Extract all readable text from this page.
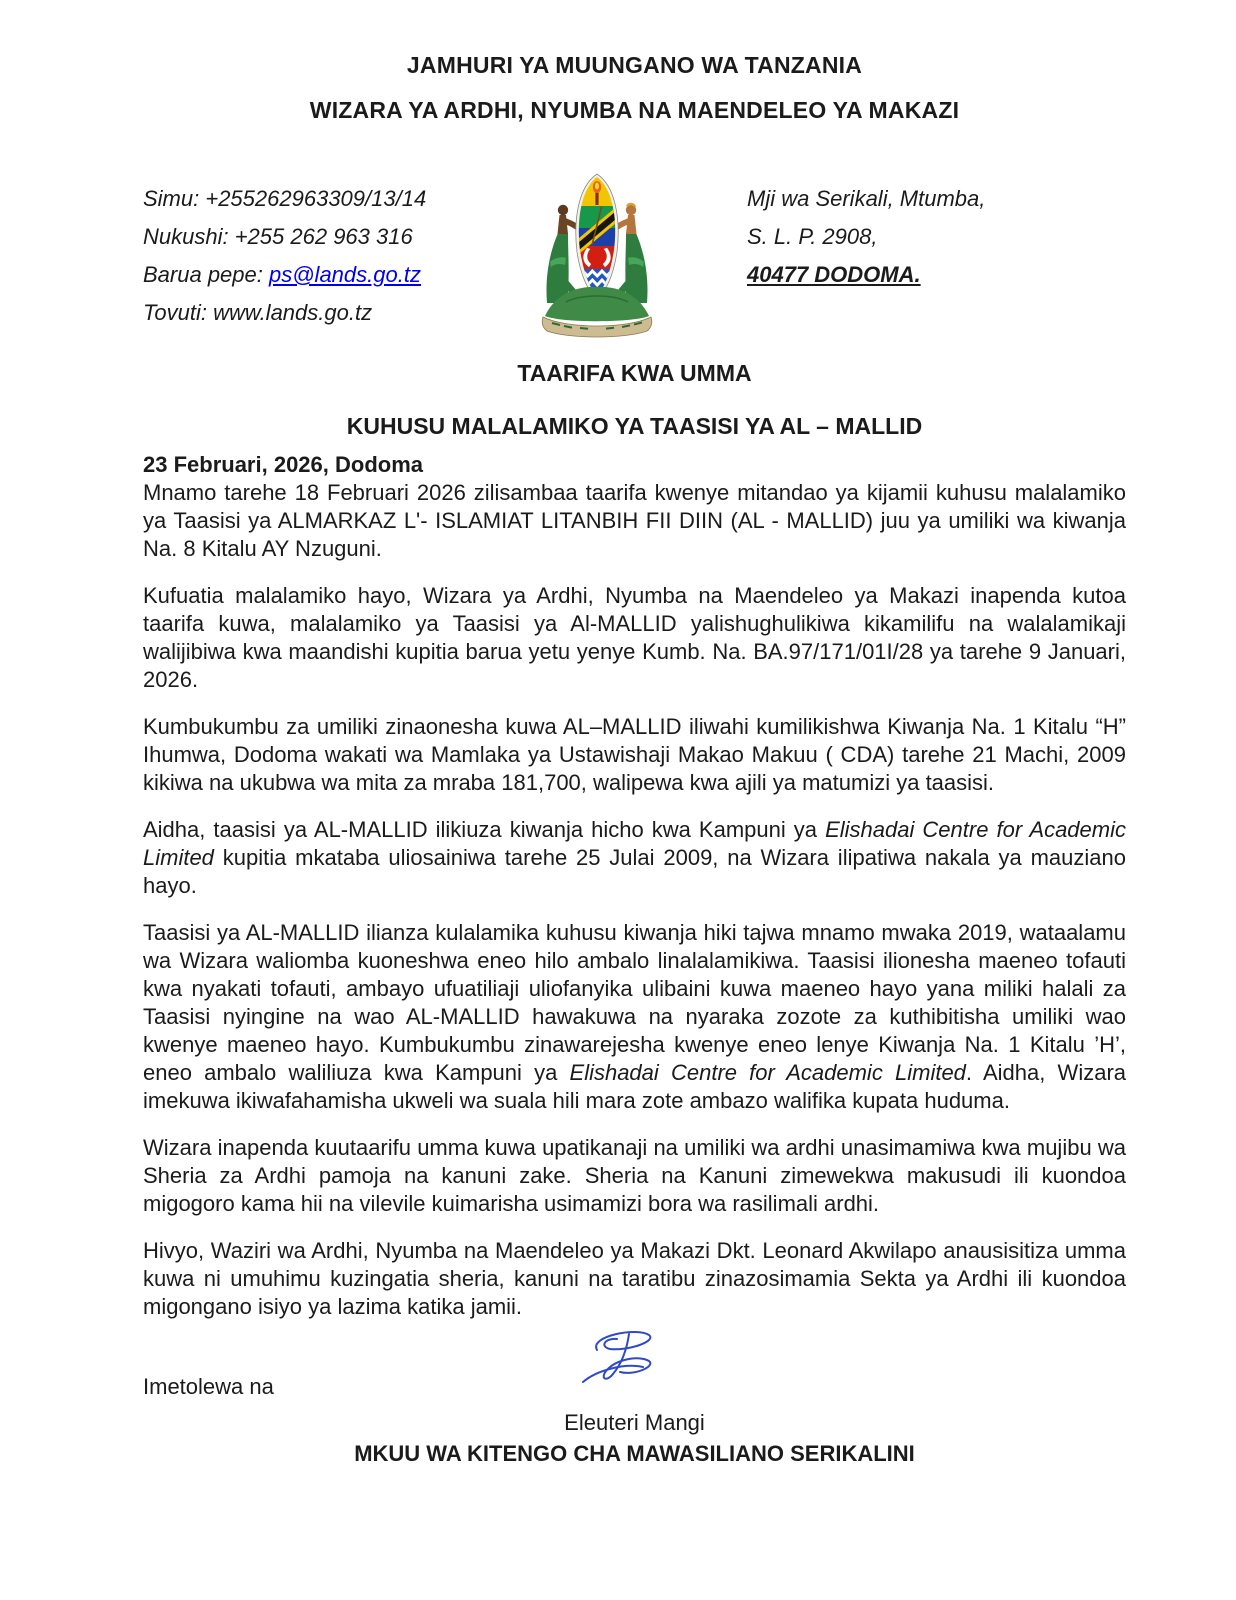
JAMHURI YA MUUNGANO WA TANZANIA
WIZARA YA ARDHI, NYUMBA NA MAENDELEO YA MAKAZI
Simu: +255262963309/13/14
Nukushi: +255 262 963 316
Barua pepe: ps@lands.go.tz
Tovuti: www.lands.go.tz
Mji wa Serikali, Mtumba,
S. L. P. 2908,
40477 DODOMA.
TAARIFA KWA UMMA
KUHUSU MALALAMIKO YA TAASISI YA AL – MALLID
23 Februari, 2026, Dodoma

Mnamo tarehe 18 Februari 2026 zilisambaa taarifa kwenye mitandao ya kijamii kuhusu malalamiko ya Taasisi ya ALMARKAZ L'- ISLAMIAT LITANBIH FII DIIN (AL - MALLID) juu ya umiliki wa kiwanja Na. 8 Kitalu AY Nzuguni.

Kufuatia malalamiko hayo, Wizara ya Ardhi, Nyumba na Maendeleo ya Makazi inapenda kutoa taarifa kuwa, malalamiko ya Taasisi ya Al-MALLID yalishughulikiwa kikamilifu na walalamikaji walijibiwa kwa maandishi kupitia barua yetu yenye Kumb. Na. BA.97/171/01I/28 ya tarehe 9 Januari, 2026.

Kumbukumbu za umiliki zinaonesha kuwa AL–MALLID iliwahi kumilikishwa Kiwanja Na. 1 Kitalu “H” Ihumwa, Dodoma wakati wa Mamlaka ya Ustawishaji Makao Makuu ( CDA) tarehe 21 Machi, 2009 kikiwa na ukubwa wa mita za mraba 181,700, walipewa kwa ajili ya matumizi ya taasisi.

Aidha, taasisi ya AL-MALLID ilikiuza kiwanja hicho kwa Kampuni ya Elishadai Centre for Academic Limited kupitia mkataba uliosainiwa tarehe 25 Julai 2009, na Wizara ilipatiwa nakala ya mauziano hayo.

Taasisi ya AL-MALLID ilianza kulalamika kuhusu kiwanja hiki tajwa mnamo mwaka 2019, wataalamu wa Wizara waliomba kuoneshwa eneo hilo ambalo linalalamikiwa. Taasisi ilionesha maeneo tofauti kwa nyakati tofauti, ambayo ufuatiliaji uliofanyika ulibaini kuwa maeneo hayo yana miliki halali za Taasisi nyingine na wao AL-MALLID hawakuwa na nyaraka zozote za kuthibitisha umiliki wao kwenye maeneo hayo. Kumbukumbu zinawarejesha kwenye eneo lenye Kiwanja Na. 1 Kitalu ’H’, eneo ambalo waliliuza kwa Kampuni ya Elishadai Centre for Academic Limited. Aidha, Wizara imekuwa ikiwafahamisha ukweli wa suala hili mara zote ambazo walifika kupata huduma.

Wizara inapenda kuutaarifu umma kuwa upatikanaji na umiliki wa ardhi unasimamiwa kwa mujibu wa Sheria za Ardhi pamoja na kanuni zake. Sheria na Kanuni zimewekwa makusudi ili kuondoa migogoro kama hii na vilevile kuimarisha usimamizi bora wa rasilimali ardhi.

Hivyo, Waziri wa Ardhi, Nyumba na Maendeleo ya Makazi Dkt. Leonard Akwilapo anausisitiza umma kuwa ni umuhimu kuzingatia sheria, kanuni na taratibu zinazosimamia Sekta ya Ardhi ili kuondoa migongano isiyo ya lazima katika jamii.

Imetolewa na
Eleuteri Mangi
MKUU WA KITENGO CHA MAWASILIANO SERIKALINI
